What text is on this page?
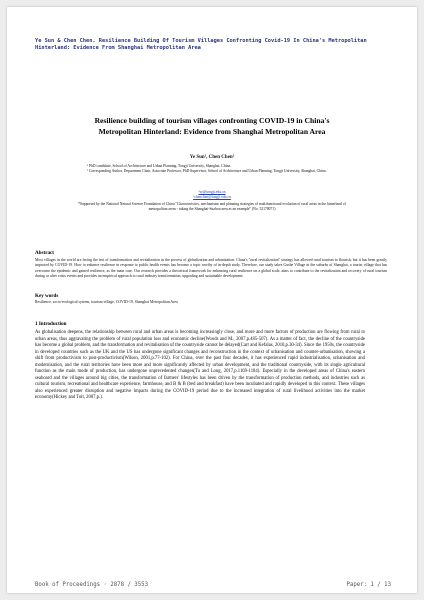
Ye Sun & Chen Chen. Resilience Building Of Tourism Villages Confronting Covid-19 In China's Metropolitan Hinterland: Evidence From Shanghai Metropolitan Area
Resilience building of tourism villages confronting COVID-19 in China's Metropolitan Hinterland: Evidence from Shanghai Metropolitan Area
Ye Sun¹, Chen Chen²
¹ PhD candidate, School of Architecture and Urban Planning, Tongji University, Shanghai, China.
² Corresponding Author, Department Chair, Associate Professor, PhD Supervisor, School of Architecture and Urban Planning, Tongji University, Shanghai, China.
¹sy@tongji.edu.cn
²chenchen@tongji.edu.cn
*Supported by the National Natural Science Foundation of China "Characteristics, mechanisms and planning strategies of multifunctional evolution of rural areas in the hinterland of metropolitan areas - taking the Shanghai-Suzhou area as an example" (No. 52178071)
Abstract
Most villages in the world are facing the test of transformation and revitalization in the process of globalization and urbanization. China's "rural revitalization" strategy has allowed rural tourism to flourish, but it has been greatly impacted by COVID-19. How to enhance resilience in response to public health events has become a topic worthy of in-depth study. Therefore, our study takes Gushe Village in the suburbs of Shanghai, a tourist village that has overcome the epidemic and gained resilience, as the main case. Our research provides a theoretical framework for enhancing rural resilience on a global scale, aims to contribute to the revitalization and recovery of rural tourism during or after crisis events and provides an empirical approach to rural industry transformation, upgrading and sustainable development.
Key words
Resilience, socio-ecological system, tourism village, COVID-19, Shanghai Metropolitan Area
1 Introduction
As globalisation deepens, the relationship between rural and urban areas is becoming increasingly close, and more and more factors of production are flowing from rural to urban areas, thus aggravating the problem of rural population loss and economic decline(Woods and M., 2007,p.485-507). As a matter of fact, the decline of the countryside has become a global problem, and the transformation and revitalisation of the countryside cannot be delayed(Carr and Kefalas, 2010,p.30-34). Since the 1950s, the countryside in developed countries such as the UK and the US has undergone significant changes and reconstruction in the context of urbanisation and counter-urbanisation, showing a shift from productivism to post-productivism(Wilson, 2001,p.77-102). For China, over the past four decades, it has experienced rapid industrialisation, urbanisation and modernisation, and the rural territories have been more and more significantly affected by urban development, and the traditional countryside, with its single agricultural function as the main mode of production, has undergone unprecedented changes(Tu and Long, 2017,p.1169-1184). Especially in the developed areas of China's eastern seaboard and the villages around big cities, the transformation of farmers' lifestyles has been driven by the transformation of production methods, and industries such as cultural tourism, recreational and healthcare experience, farmhouse, and B & B (bed and breakfast) have been incubated and rapidly developed in this context. These villages also experienced greater disruption and negative impacts during the COVID-19 period due to the increased integration of rural livelihood activities into the market economy(Hickey and Toit, 2007,p.).
Book of Proceedings · 2878 / 3553	Paper: 1 / 13
